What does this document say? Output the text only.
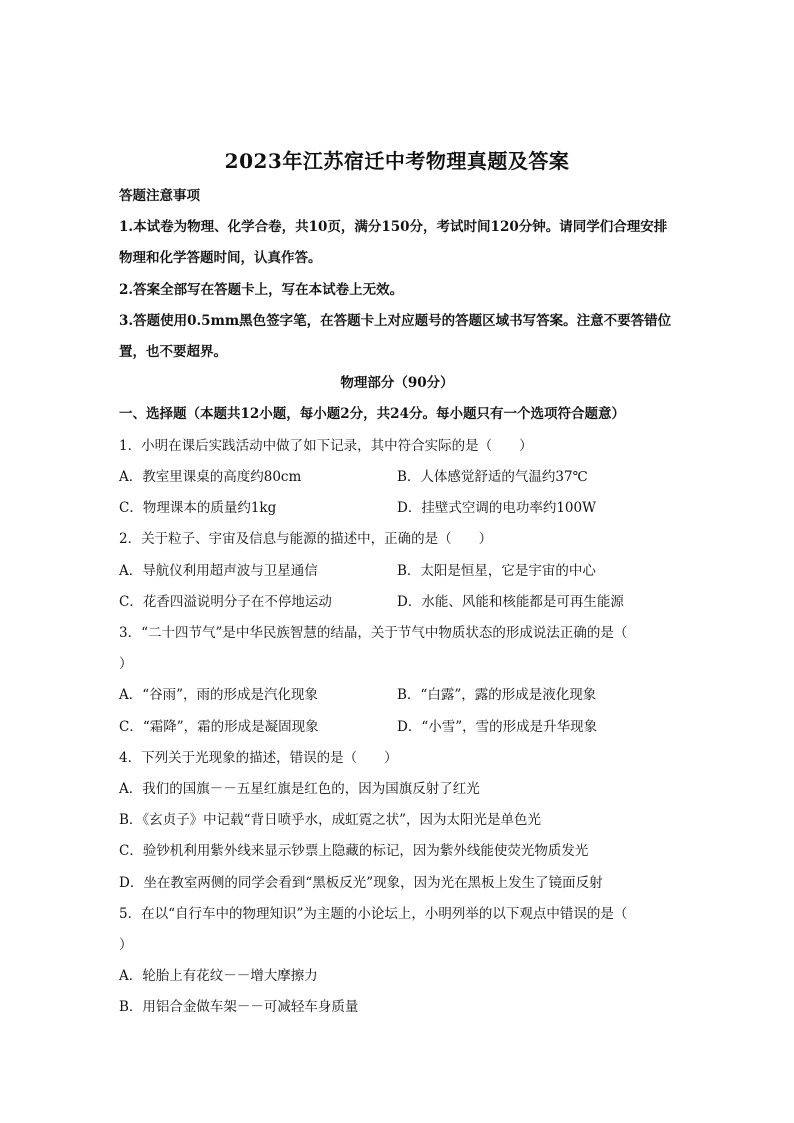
2023年江苏宿迁中考物理真题及答案
答题注意事项
1.本试卷为物理、化学合卷，共10页，满分150分，考试时间120分钟。请同学们合理安排
物理和化学答题时间，认真作答。
2.答案全部写在答题卡上，写在本试卷上无效。
3.答题使用0.5mm黑色签字笔，在答题卡上对应题号的答题区域书写答案。注意不要答错位
置，也不要超界。
物理部分（90分）
一、选择题（本题共12小题，每小题2分，共24分。每小题只有一个选项符合题意）
1．小明在课后实践活动中做了如下记录，其中符合实际的是（　　）
A．教室里课桌的高度约80cm	B．人体感觉舒适的气温约37℃
C．物理课本的质量约1kg	D．挂壁式空调的电功率约100W
2．关于粒子、宇宙及信息与能源的描述中，正确的是（　　）
A．导航仪利用超声波与卫星通信	B．太阳是恒星，它是宇宙的中心
C．花香四溢说明分子在不停地运动	D．水能、风能和核能都是可再生能源
3．“二十四节气”是中华民族智慧的结晶，关于节气中物质状态的形成说法正确的是（
）
A．“谷雨”，雨的形成是汽化现象	B．“白露”，露的形成是液化现象
C．“霜降”，霜的形成是凝固现象	D．“小雪”，雪的形成是升华现象
4．下列关于光现象的描述，错误的是（　　）
A．我们的国旗－－五星红旗是红色的，因为国旗反射了红光
B．《玄贞子》中记载“背日喷乎水，成虹霓之状”，因为太阳光是单色光
C．验钞机利用紫外线来显示钞票上隐藏的标记，因为紫外线能使荧光物质发光
D．坐在教室两侧的同学会看到“黑板反光”现象，因为光在黑板上发生了镜面反射
5．在以“自行车中的物理知识”为主题的小论坛上，小明列举的以下观点中错误的是（
）
A．轮胎上有花纹－－增大摩擦力
B．用铝合金做车架－－可减轻车身质量
